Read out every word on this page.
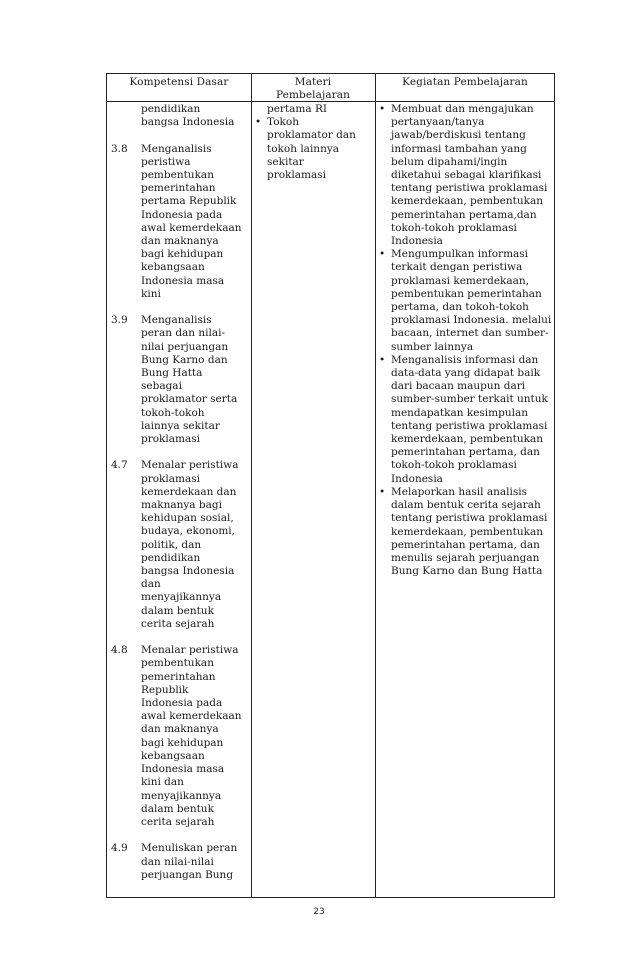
Kompetensi Dasar	Materi
Pembelajaran
Kegiatan Pembelajaran
pendidikan
bangsa Indonesia
3.8 Menganalisis
peristiwa
pembentukan
pemerintahan
pertama Republik
Indonesia pada
awal kemerdekaan
dan maknanya
bagi kehidupan
kebangsaan
Indonesia masa
kini
3.9 Menganalisis
peran dan nilai-
nilai perjuangan
Bung Karno dan
Bung Hatta
sebagai
proklamator serta
tokoh-tokoh
lainnya sekitar
proklamasi
4.7 Menalar peristiwa
proklamasi
kemerdekaan dan
maknanya bagi
kehidupan sosial,
budaya, ekonomi,
politik, dan
pendidikan
bangsa Indonesia
dan
menyajikannya
dalam bentuk
cerita sejarah
4.8 Menalar peristiwa
pembentukan
pemerintahan
Republik
Indonesia pada
awal kemerdekaan
dan maknanya
bagi kehidupan
kebangsaan
Indonesia masa
kini dan
menyajikannya
dalam bentuk
cerita sejarah
4.9 Menuliskan peran
dan nilai-nilai
perjuangan Bung
pertama RI
• Tokoh
proklamator dan
tokoh lainnya
sekitar
proklamasi
• Membuat dan mengajukan
pertanyaan/tanya
jawab/berdiskusi tentang
informasi tambahan yang
belum dipahami/ingin
diketahui sebagai klarifikasi
tentang peristiwa proklamasi
kemerdekaan, pembentukan
pemerintahan pertama,dan
tokoh-tokoh proklamasi
Indonesia
• Mengumpulkan informasi
terkait dengan peristiwa
proklamasi kemerdekaan,
pembentukan pemerintahan
pertama, dan tokoh-tokoh
proklamasi Indonesia. melalui
bacaan, internet dan sumber-
sumber lainnya
• Menganalisis informasi dan
data-data yang didapat baik
dari bacaan maupun dari
sumber-sumber terkait untuk
mendapatkan kesimpulan
tentang peristiwa proklamasi
kemerdekaan, pembentukan
pemerintahan pertama, dan
tokoh-tokoh proklamasi
Indonesia
• Melaporkan hasil analisis
dalam bentuk cerita sejarah
tentang peristiwa proklamasi
kemerdekaan, pembentukan
pemerintahan pertama, dan
menulis sejarah perjuangan
Bung Karno dan Bung Hatta
23
